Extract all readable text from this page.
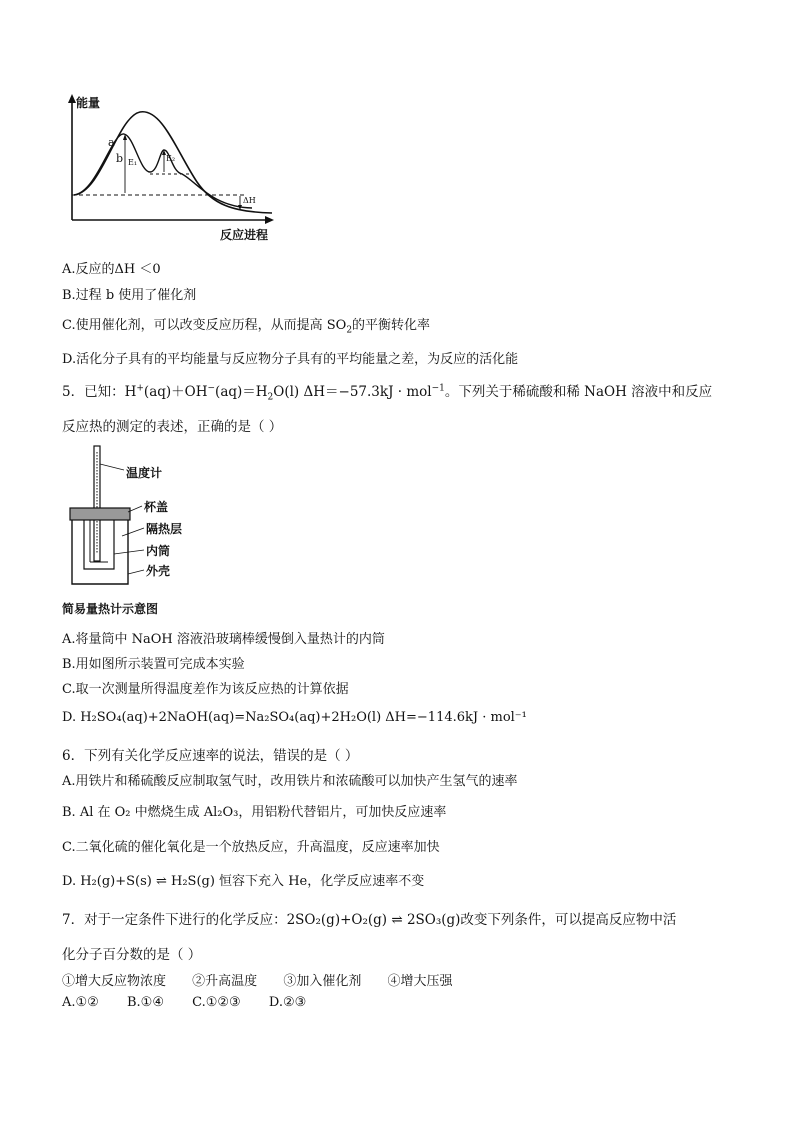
能量
反应进程
a
b E₁	E₂
ΔH
A.反应的ΔH ＜0
B.过程 b 使用了催化剂
C.使用催化剂，可以改变反应历程，从而提高 $SO_2$的平衡转化率
D.活化分子具有的平均能量与反应物分子具有的平均能量之差，为反应的活化能
5．已知：$H^+(aq)+OH^-(aq)=H_2O(l) \Delta H=-57.3kJ \cdot mol^{-1}$。下列关于稀硫酸和稀 NaOH 溶液中和反应
反应热的测定的表述，正确的是（ ）
温度计
杯盖
隔热层
内筒
外壳
简易量热计示意图
A.将量筒中 NaOH 溶液沿玻璃棒缓慢倒入量热计的内筒
B.用如图所示装置可完成本实验
C.取一次测量所得温度差作为该反应热的计算依据
D. H₂SO₄(aq)+2NaOH(aq)=Na₂SO₄(aq)+2H₂O(l) ΔH=−114.6kJ · mol⁻¹
6．下列有关化学反应速率的说法，错误的是（ ）
A.用铁片和稀硫酸反应制取氢气时，改用铁片和浓硫酸可以加快产生氢气的速率
B. Al 在 O₂ 中燃烧生成 Al₂O₃，用铝粉代替铝片，可加快反应速率
C.二氧化硫的催化氧化是一个放热反应，升高温度，反应速率加快
D. H₂(g)+S(s) ⇌ H₂S(g) 恒容下充入 He，化学反应速率不变
7．对于一定条件下进行的化学反应：2SO₂(g)+O₂(g) ⇌ 2SO₃(g)改变下列条件，可以提高反应物中活
化分子百分数的是（ ）
①增大反应物浓度 ②升高温度 ③加入催化剂 ④增大压强
A.①② B.①④ C.①②③ D.②③
